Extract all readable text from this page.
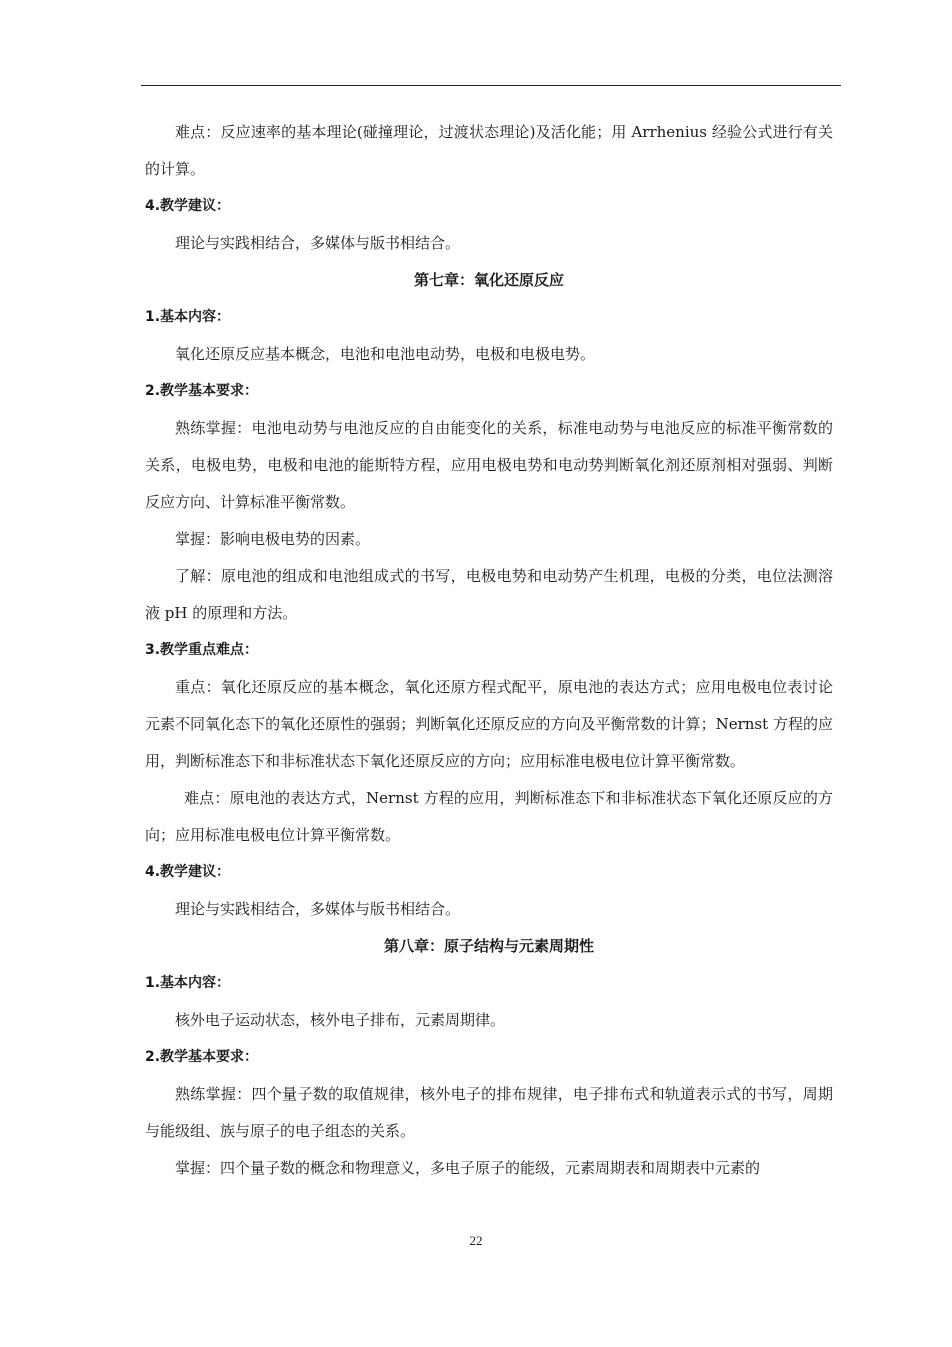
难点：反应速率的基本理论(碰撞理论，过渡状态理论)及活化能；用 Arrhenius 经验公式进行有关的计算。

4.教学建议：

理论与实践相结合，多媒体与版书相结合。

第七章：氧化还原反应

1.基本内容：

氧化还原反应基本概念，电池和电池电动势，电极和电极电势。

2.教学基本要求：

熟练掌握：电池电动势与电池反应的自由能变化的关系，标准电动势与电池反应的标准平衡常数的关系，电极电势，电极和电池的能斯特方程，应用电极电势和电动势判断氧化剂还原剂相对强弱、判断反应方向、计算标准平衡常数。

掌握：影响电极电势的因素。

了解：原电池的组成和电池组成式的书写，电极电势和电动势产生机理，电极的分类，电位法测溶液 pH 的原理和方法。

3.教学重点难点：

重点：氧化还原反应的基本概念，氧化还原方程式配平，原电池的表达方式；应用电极电位表讨论元素不同氧化态下的氧化还原性的强弱；判断氧化还原反应的方向及平衡常数的计算；Nernst 方程的应用，判断标准态下和非标准状态下氧化还原反应的方向；应用标准电极电位计算平衡常数。

难点：原电池的表达方式，Nernst 方程的应用，判断标准态下和非标准状态下氧化还原反应的方向；应用标准电极电位计算平衡常数。

4.教学建议：

理论与实践相结合，多媒体与版书相结合。

第八章：原子结构与元素周期性

1.基本内容：

核外电子运动状态，核外电子排布，元素周期律。

2.教学基本要求：

熟练掌握：四个量子数的取值规律，核外电子的排布规律，电子排布式和轨道表示式的书写，周期与能级组、族与原子的电子组态的关系。

掌握：四个量子数的概念和物理意义，多电子原子的能级，元素周期表和周期表中元素的

22
